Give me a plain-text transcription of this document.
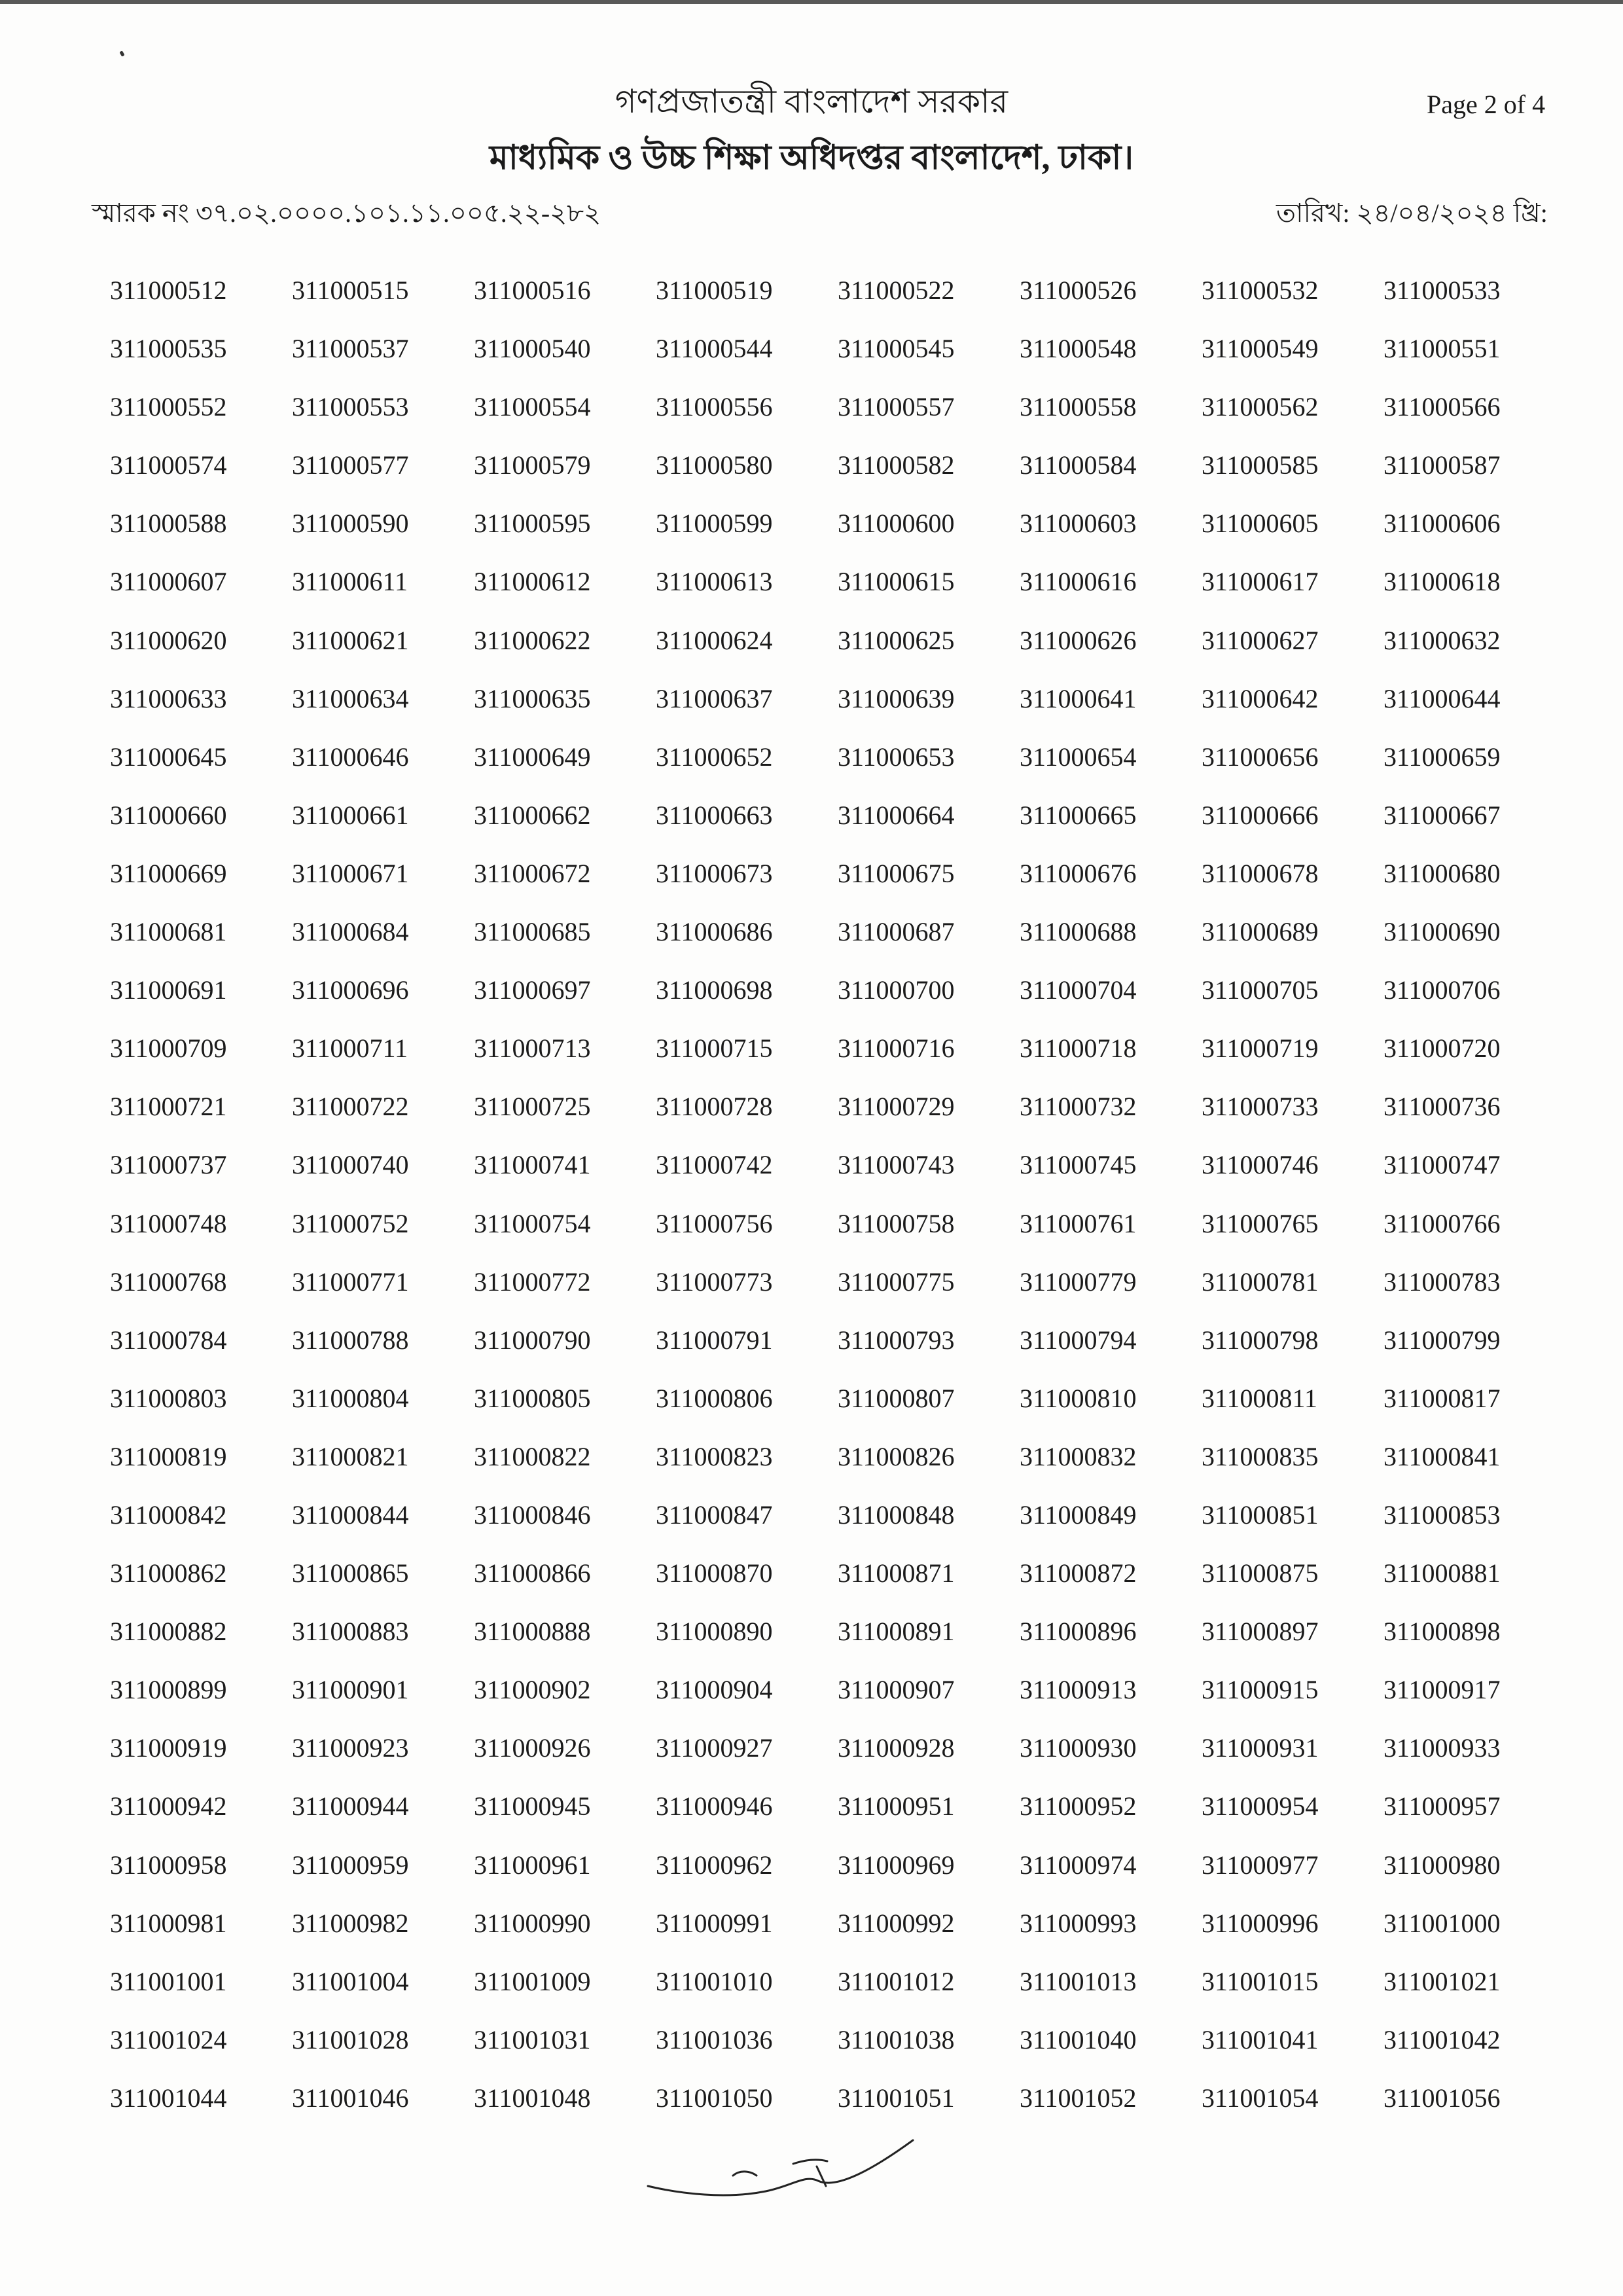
গণপ্রজাতন্ত্রী বাংলাদেশ সরকার
মাধ্যমিক ও উচ্চ শিক্ষা অধিদপ্তর বাংলাদেশ, ঢাকা।
Page 2 of 4
স্মারক নং ৩৭.০২.০০০০.১০১.১১.০০৫.২২-২৮২	তারিখ: ২৪/০৪/২০২৪ খ্রি:
311000512	311000515	311000516	311000519	311000522	311000526	311000532	311000533
311000535	311000537	311000540	311000544	311000545	311000548	311000549	311000551
311000552	311000553	311000554	311000556	311000557	311000558	311000562	311000566
311000574	311000577	311000579	311000580	311000582	311000584	311000585	311000587
311000588	311000590	311000595	311000599	311000600	311000603	311000605	311000606
311000607	311000611	311000612	311000613	311000615	311000616	311000617	311000618
311000620	311000621	311000622	311000624	311000625	311000626	311000627	311000632
311000633	311000634	311000635	311000637	311000639	311000641	311000642	311000644
311000645	311000646	311000649	311000652	311000653	311000654	311000656	311000659
311000660	311000661	311000662	311000663	311000664	311000665	311000666	311000667
311000669	311000671	311000672	311000673	311000675	311000676	311000678	311000680
311000681	311000684	311000685	311000686	311000687	311000688	311000689	311000690
311000691	311000696	311000697	311000698	311000700	311000704	311000705	311000706
311000709	311000711	311000713	311000715	311000716	311000718	311000719	311000720
311000721	311000722	311000725	311000728	311000729	311000732	311000733	311000736
311000737	311000740	311000741	311000742	311000743	311000745	311000746	311000747
311000748	311000752	311000754	311000756	311000758	311000761	311000765	311000766
311000768	311000771	311000772	311000773	311000775	311000779	311000781	311000783
311000784	311000788	311000790	311000791	311000793	311000794	311000798	311000799
311000803	311000804	311000805	311000806	311000807	311000810	311000811	311000817
311000819	311000821	311000822	311000823	311000826	311000832	311000835	311000841
311000842	311000844	311000846	311000847	311000848	311000849	311000851	311000853
311000862	311000865	311000866	311000870	311000871	311000872	311000875	311000881
311000882	311000883	311000888	311000890	311000891	311000896	311000897	311000898
311000899	311000901	311000902	311000904	311000907	311000913	311000915	311000917
311000919	311000923	311000926	311000927	311000928	311000930	311000931	311000933
311000942	311000944	311000945	311000946	311000951	311000952	311000954	311000957
311000958	311000959	311000961	311000962	311000969	311000974	311000977	311000980
311000981	311000982	311000990	311000991	311000992	311000993	311000996	311001000
311001001	311001004	311001009	311001010	311001012	311001013	311001015	311001021
311001024	311001028	311001031	311001036	311001038	311001040	311001041	311001042
311001044	311001046	311001048	311001050	311001051	311001052	311001054	311001056
